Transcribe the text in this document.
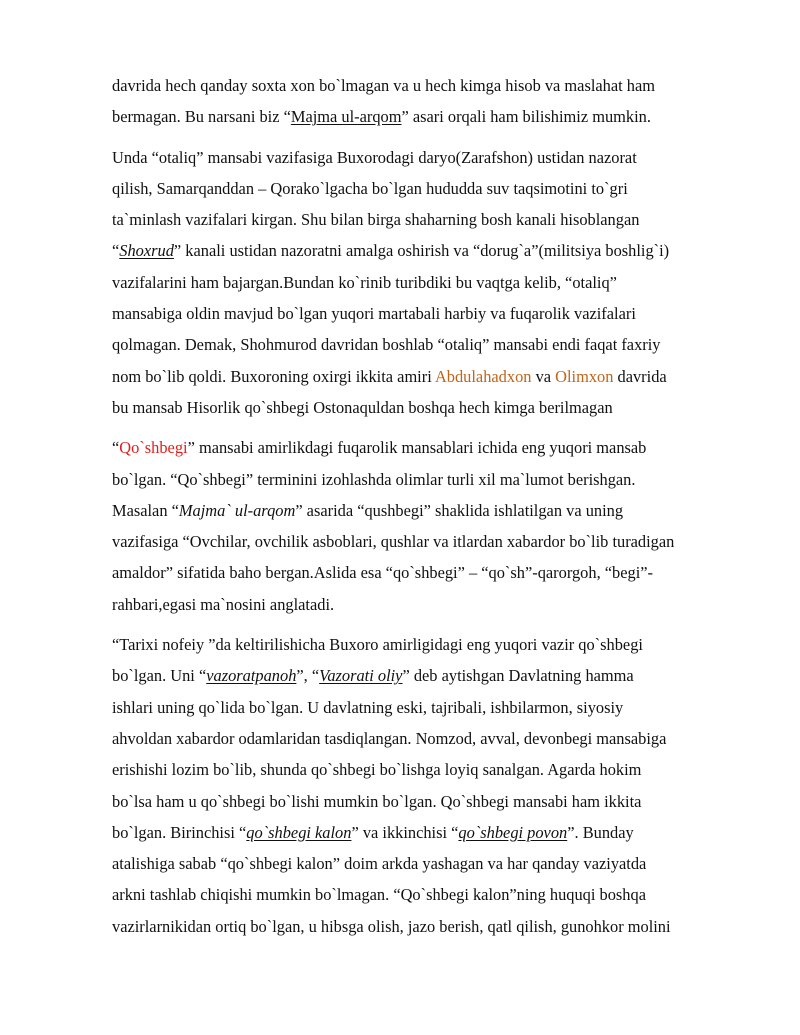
davrida hech qanday soxta xon bo`lmagan va u hech kimga hisob va maslahat ham

bermagan. Bu narsani biz “Majma ul-arqom” asari orqali ham bilishimiz mumkin.

Unda “otaliq” mansabi vazifasiga Buxorodagi daryo(Zarafshon) ustidan nazorat

qilish, Samarqanddan – Qorako`lgacha bo`lgan hududda suv taqsimotini to`gri

ta`minlash vazifalari kirgan. Shu bilan birga shaharning bosh kanali hisoblangan

“Shoxrud” kanali ustidan nazoratni amalga oshirish va “dorug`a”(militsiya boshlig`i)

vazifalarini ham bajargan.Bundan ko`rinib turibdiki bu vaqtga kelib, “otaliq”

mansabiga oldin mavjud bo`lgan yuqori martabali harbiy va fuqarolik vazifalari

qolmagan. Demak, Shohmurod davridan boshlab “otaliq” mansabi endi faqat faxriy

nom bo`lib qoldi. Buxoroning oxirgi ikkita amiri Abdulahadxon va Olimxon davrida

bu mansab Hisorlik qo`shbegi Ostonaquldan boshqa hech kimga berilmagan

“Qo`shbegi” mansabi amirlikdagi fuqarolik mansablari ichida eng yuqori mansab

bo`lgan. “Qo`shbegi” terminini izohlashda olimlar turli xil ma`lumot berishgan.

Masalan “Majma` ul-arqom” asarida “qushbegi” shaklida ishlatilgan va uning

vazifasiga “Ovchilar, ovchilik asboblari, qushlar va itlardan xabardor bo`lib turadigan

amaldor” sifatida baho bergan.Aslida esa “qo`shbegi” – “qo`sh”-qarorgoh, “begi”-

rahbari,egasi ma`nosini anglatadi.

“Tarixi nofeiy ”da keltirilishicha Buxoro amirligidagi eng yuqori vazir qo`shbegi

bo`lgan. Uni “vazoratpanoh”, “Vazorati oliy” deb aytishgan Davlatning hamma

ishlari uning qo`lida bo`lgan. U davlatning eski, tajribali, ishbilarmon, siyosiy

ahvoldan xabardor odamlaridan tasdiqlangan. Nomzod, avval, devonbegi mansabiga

erishishi lozim bo`lib, shunda qo`shbegi bo`lishga loyiq sanalgan. Agarda hokim

bo`lsa ham u qo`shbegi bo`lishi mumkin bo`lgan. Qo`shbegi mansabi ham ikkita

bo`lgan. Birinchisi “qo`shbegi kalon” va ikkinchisi “qo`shbegi povon”. Bunday

atalishiga sabab “qo`shbegi kalon” doim arkda yashagan va har qanday vaziyatda

arkni tashlab chiqishi mumkin bo`lmagan. “Qo`shbegi kalon”ning huquqi boshqa

vazirlarnikidan ortiq bo`lgan, u hibsga olish, jazo berish, qatl qilish, gunohkor molini
